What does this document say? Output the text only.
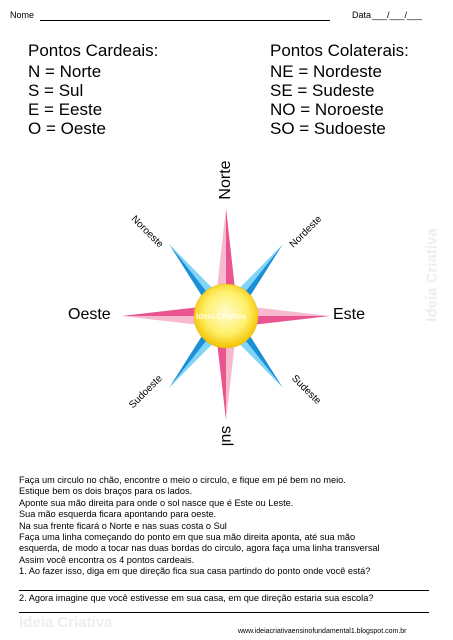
Nome	Data ___/___/___
Pontos Cardeais:
N = Norte
S = Sul
E = Eeste
O = Oeste
Pontos Colaterais:
NE = Nordeste
SE = Sudeste
NO = Noroeste
SO = Sudoeste
Ideia Criativa
Norte
sul
Este
Oeste
Nordeste
Noroeste
Sudeste
Sudoeste
Ideia Criativa

Faça um circulo no chão, encontre o meio o circulo, e fique em pé bem no meio.

Estique bem os dois braços para os lados.

Aponte sua mão direita para onde o sol nasce que é Este ou Leste.

Sua mão esquerda ficara apontando para oeste.

Na sua frente ficará o Norte e nas suas costa o Sul

Faça uma linha começando do ponto em que sua mão direita aponta, até sua mão

esquerda, de modo a tocar nas duas bordas do circulo, agora faça uma linha transversal

Assim você encontra os 4 pontos cardeais.

1. Ao fazer isso, diga em que direção fica sua casa partindo do ponto onde você está?

2. Agora imagine que você estivesse em sua casa, em que direção estaria sua escola?

Ideia Criativa
www.ideiacriativaensinofundamental1.blogspot.com.br
